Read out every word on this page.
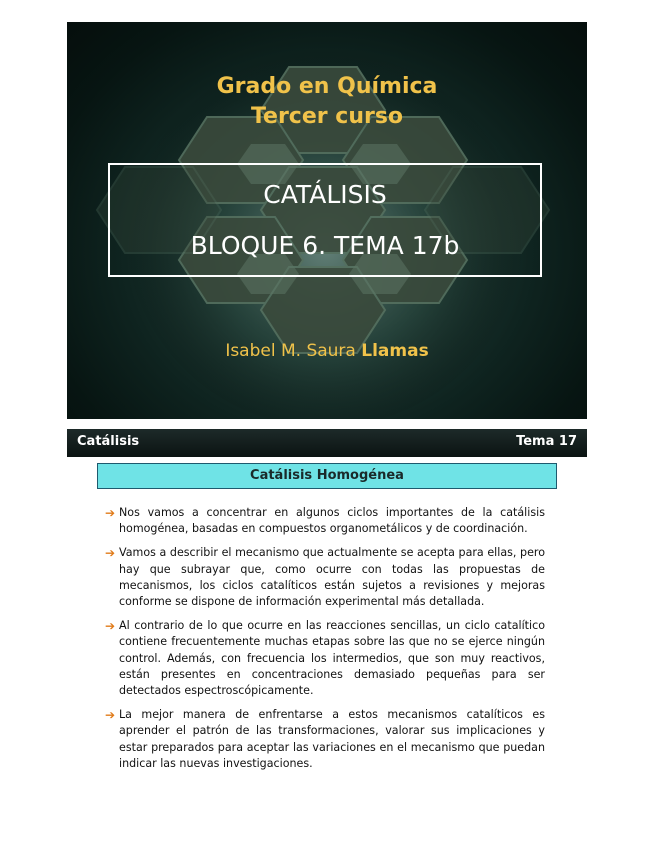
Grado en Química
Tercer curso
CATÁLISIS
BLOQUE 6. TEMA 17b
Isabel M. Saura Llamas
Catálisis	Tema 17
Catálisis Homogénea
➔ Nos vamos a concentrar en algunos ciclos importantes de la catálisis homogénea, basadas en compuestos organometálicos y de coordinación.
➔ Vamos a describir el mecanismo que actualmente se acepta para ellas, pero hay que subrayar que, como ocurre con todas las propuestas de mecanismos, los ciclos catalíticos están sujetos a revisiones y mejoras conforme se dispone de información experimental más detallada.
➔ Al contrario de lo que ocurre en las reacciones sencillas, un ciclo catalítico contiene frecuentemente muchas etapas sobre las que no se ejerce ningún control. Además, con frecuencia los intermedios, que son muy reactivos, están presentes en concentraciones demasiado pequeñas para ser detectados espectroscópicamente.
➔ La mejor manera de enfrentarse a estos mecanismos catalíticos es aprender el patrón de las transformaciones, valorar sus implicaciones y estar preparados para aceptar las variaciones en el mecanismo que puedan indicar las nuevas investigaciones.
